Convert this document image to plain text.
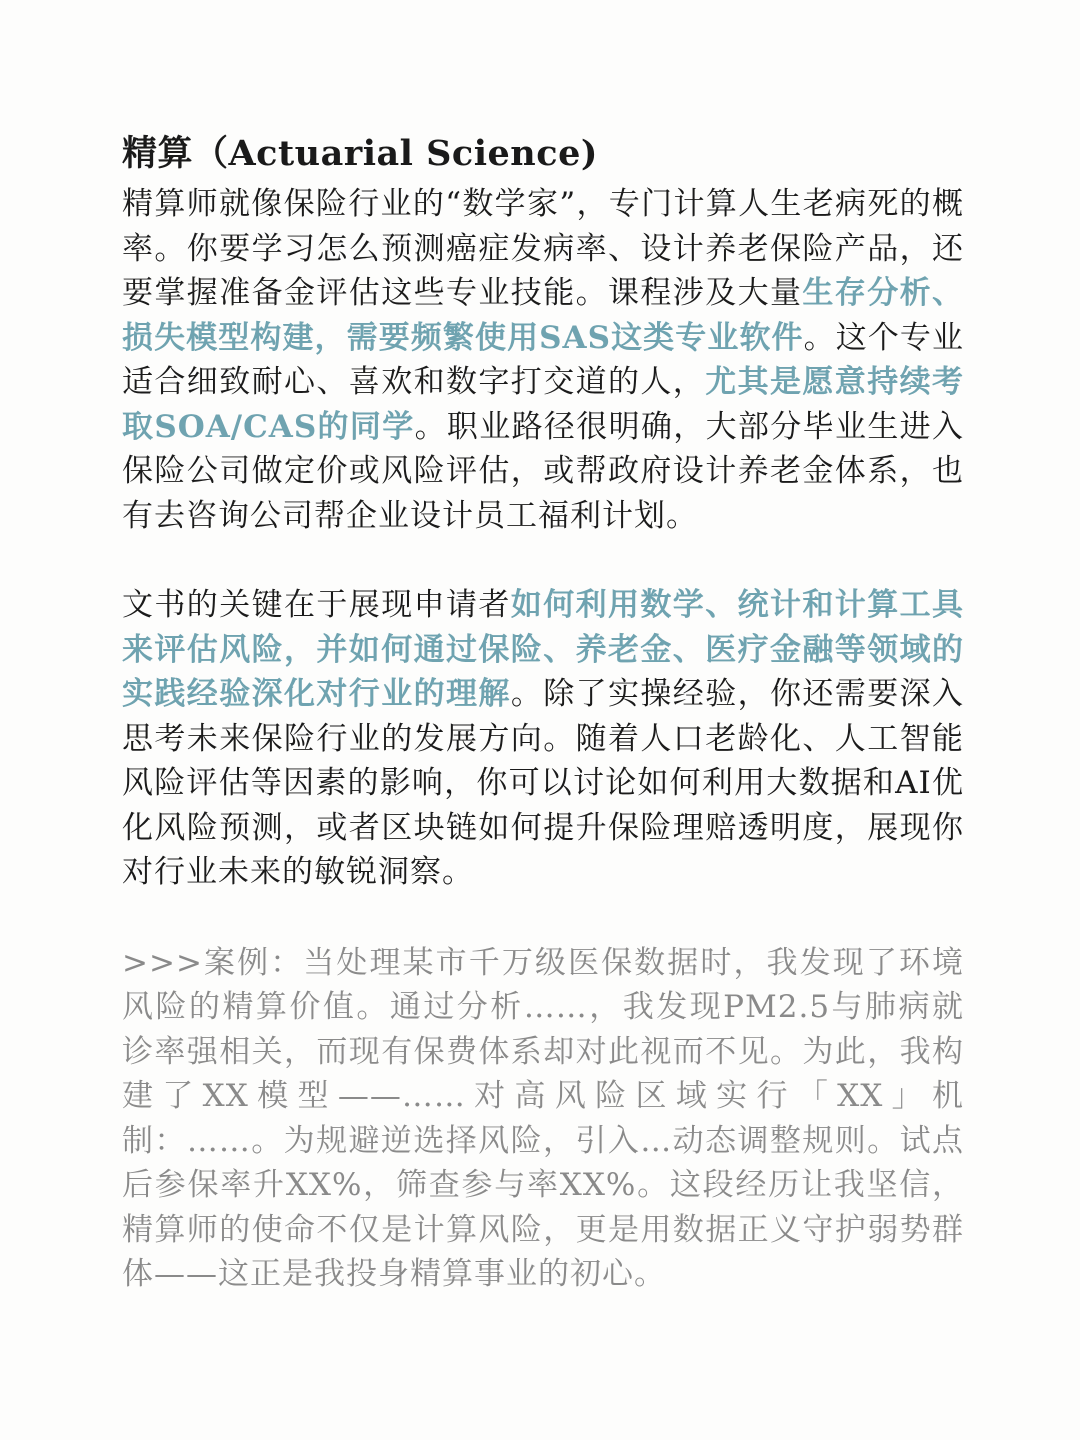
精算（Actuarial Science)

精算师就像保险行业的“数学家”，专门计算人生老病死的概率。你要学习怎么预测癌症发病率、设计养老保险产品，还要掌握准备金评估这些专业技能。课程涉及大量生存分析、损失模型构建，需要频繁使用SAS这类专业软件。这个专业适合细致耐心、喜欢和数字打交道的人，尤其是愿意持续考取SOA/CAS的同学。职业路径很明确，大部分毕业生进入保险公司做定价或风险评估，或帮政府设计养老金体系，也有去咨询公司帮企业设计员工福利计划。

文书的关键在于展现申请者如何利用数学、统计和计算工具来评估风险，并如何通过保险、养老金、医疗金融等领域的实践经验深化对行业的理解。除了实操经验，你还需要深入思考未来保险行业的发展方向。随着人口老龄化、人工智能风险评估等因素的影响，你可以讨论如何利用大数据和AI优化风险预测，或者区块链如何提升保险理赔透明度，展现你对行业未来的敏锐洞察。

>>>案例：当处理某市千万级医保数据时，我发现了环境风险的精算价值。通过分析……，我发现PM2.5与肺病就诊率强相关，而现有保费体系却对此视而不见。为此，我构建了XX模型——……对高风险区域实行「XX」机制：……。为规避逆选择风险，引入…动态调整规则。试点后参保率升XX%，筛查参与率XX%。这段经历让我坚信，精算师的使命不仅是计算风险，更是用数据正义守护弱势群体——这正是我投身精算事业的初心。
